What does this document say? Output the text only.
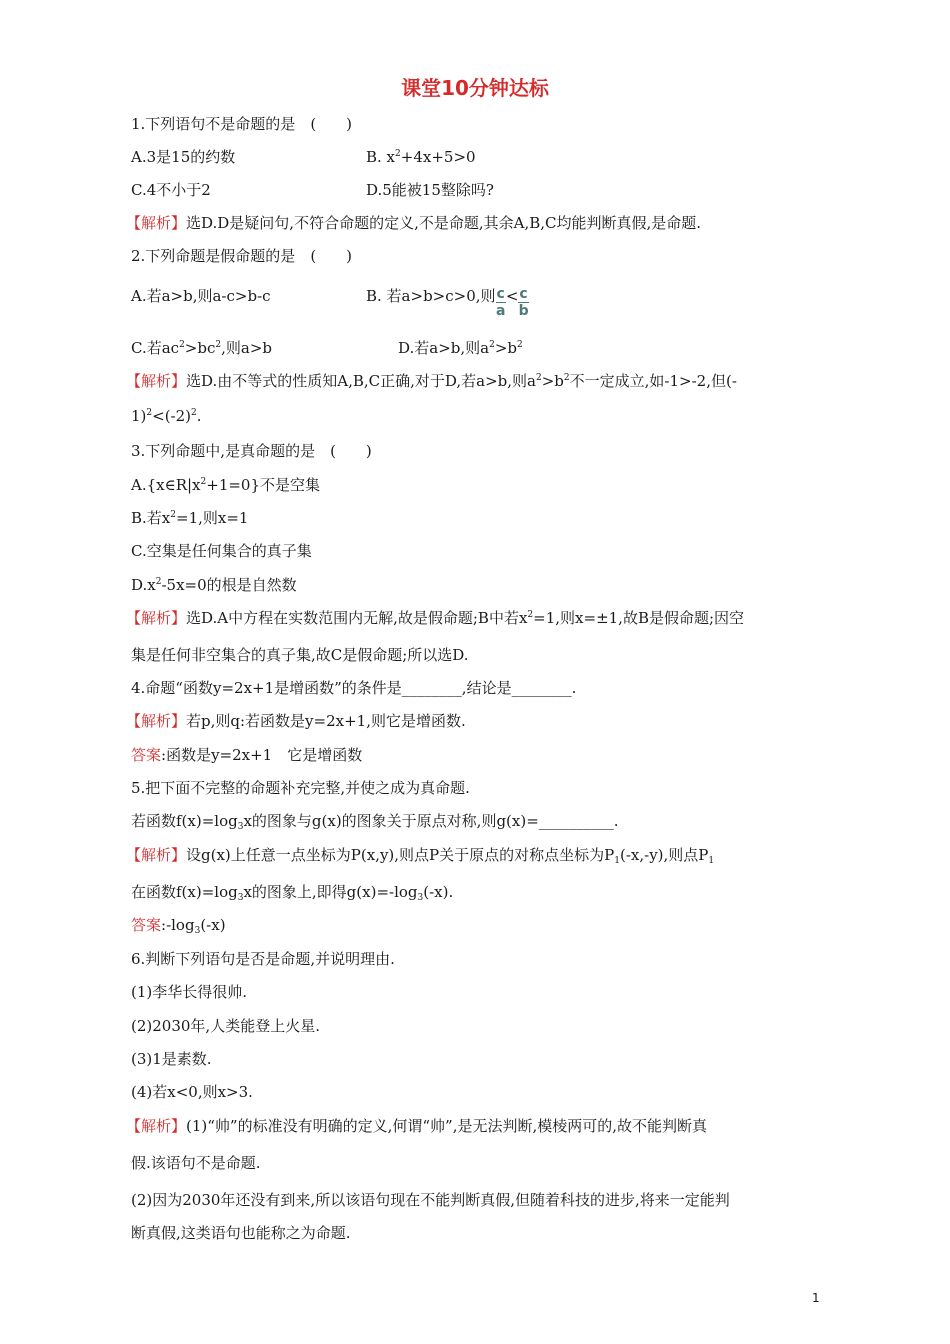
课堂10分钟达标
1.下列语句不是命题的是　(　　)
A.3是15的约数	B. $x^2+4x+5>0$
C.4不小于2	D.5能被15整除吗?
【解析】选D.D是疑问句,不符合命题的定义,不是命题,其余A,B,C均能判断真假,是命题.
2.下列命题是假命题的是　(　　)
A.若a>b,则a-c>b-c	B. 若a>b>c>0,则 $\frac{c}{a} < \frac{c}{b}$
C.若$ac^2>bc^2$,则a>b	D.若a>b,则$a^2>b^2$
【解析】选D.由不等式的性质知A,B,C正确,对于D,若a>b,则$a^2>b^2$不一定成立,如-1>-2,但(-
$1)^2<(-2)^2$.
3.下列命题中,是真命题的是　(　　)
$A.\{x\in R|x^2+1=0\}$不是空集
B.若$x^2=1$,则x=1
C.空集是任何集合的真子集
$D.x^2-5x=0$的根是自然数
【解析】选D.A中方程在实数范围内无解,故是假命题;B中若$x^2=1$,则x=±1,故B是假命题;因空
集是任何非空集合的真子集,故C是假命题;所以选D.
4.命题“函数y=2x+1是增函数”的条件是________,结论是________.
【解析】若p,则q:若函数是y=2x+1,则它是增函数.
答案:函数是y=2x+1　它是增函数
5.把下面不完整的命题补充完整,并使之成为真命题.
若函数$f(x)=\log_3x$的图象与g(x)的图象关于原点对称,则g(x)=__________.
【解析】设g(x)上任意一点坐标为P(x,y),则点P关于原点的对称点坐标为$P_1(-x,-y)$,则点$P_1$
在函数$f(x)=\log_3x$的图象上,即得$g(x)=-\log_3(-x)$.
答案$:-\log_3(-x)$
6.判断下列语句是否是命题,并说明理由.
(1)李华长得很帅.
(2)2030年,人类能登上火星.
(3)1是素数.
(4)若x<0,则x>3.
【解析】(1)“帅”的标准没有明确的定义,何谓“帅”,是无法判断,模棱两可的,故不能判断真
假.该语句不是命题.
(2)因为2030年还没有到来,所以该语句现在不能判断真假,但随着科技的进步,将来一定能判
断真假,这类语句也能称之为命题.
1
